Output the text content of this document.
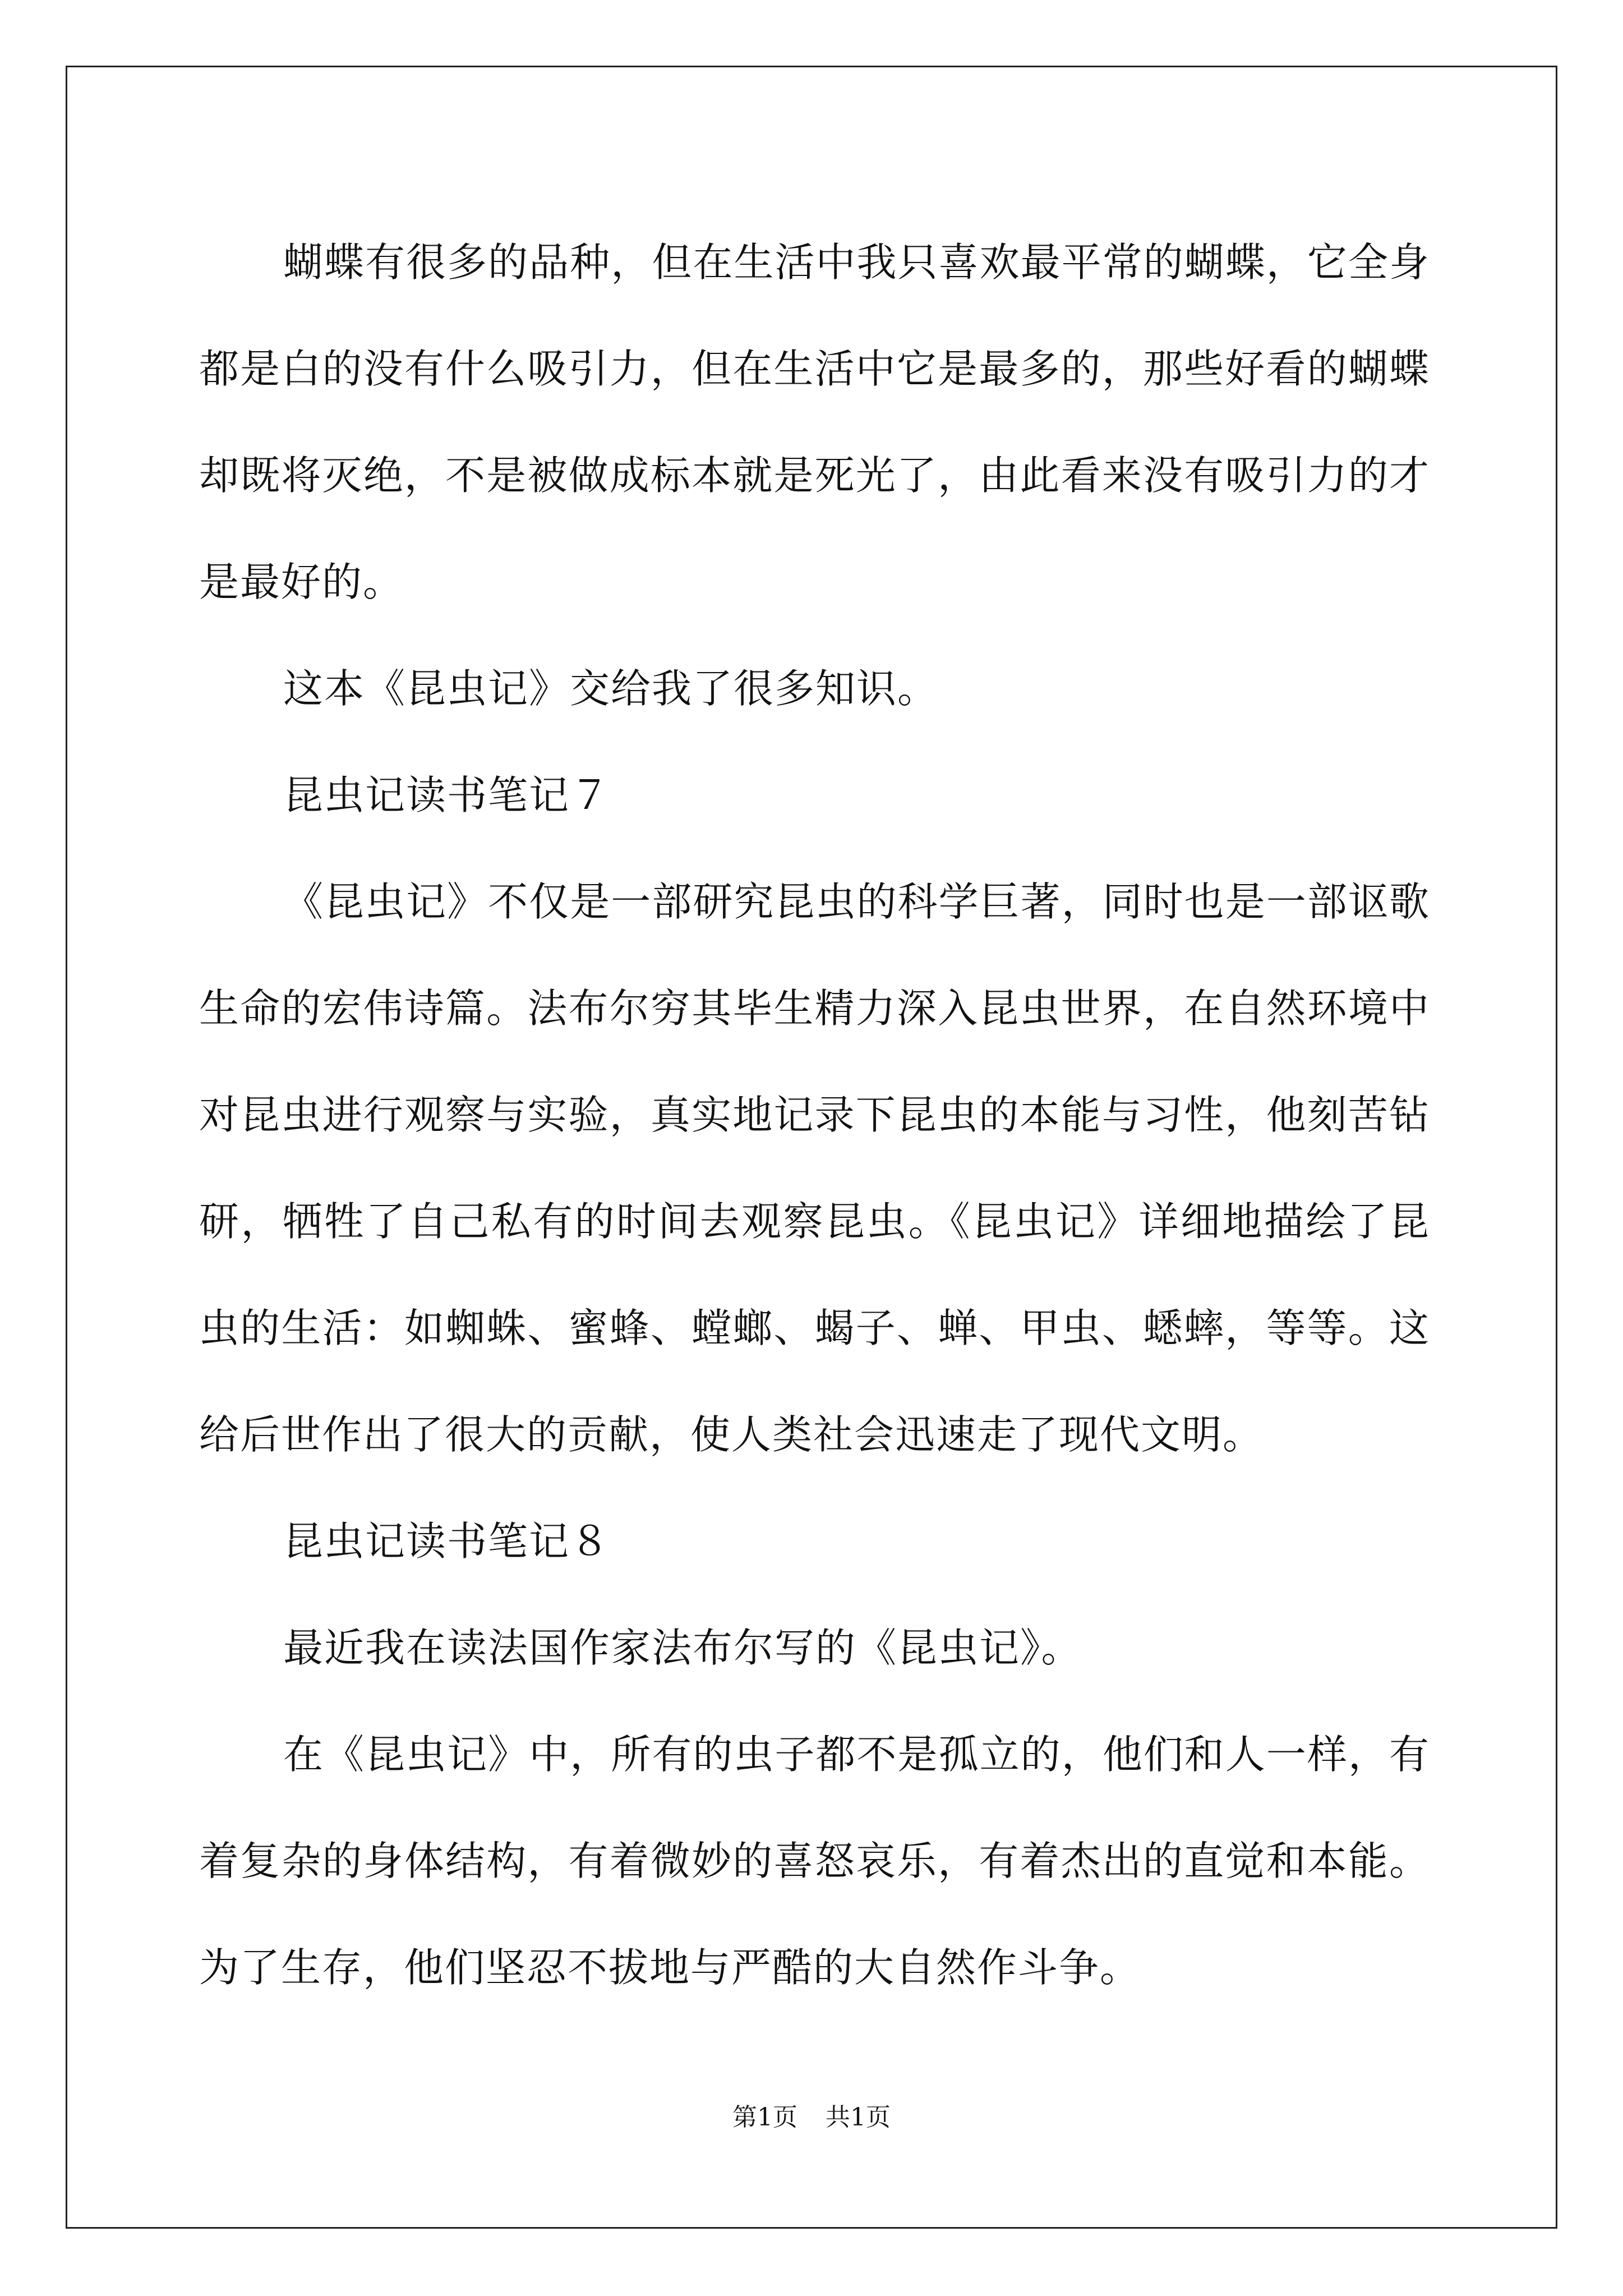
蝴蝶有很多的品种，但在生活中我只喜欢最平常的蝴蝶，它全身都是白的没有什么吸引力，但在生活中它是最多的，那些好看的蝴蝶却既将灭绝，不是被做成标本就是死光了，由此看来没有吸引力的才是最好的。

这本《昆虫记》交给我了很多知识。

昆虫记读书笔记７

《昆虫记》不仅是一部研究昆虫的科学巨著，同时也是一部讴歌生命的宏伟诗篇。法布尔穷其毕生精力深入昆虫世界，在自然环境中对昆虫进行观察与实验，真实地记录下昆虫的本能与习性，他刻苦钻研，牺牲了自己私有的时间去观察昆虫。《昆虫记》详细地描绘了昆虫的生活：如蜘蛛、蜜蜂、螳螂、蝎子、蝉、甲虫、蟋蟀，等等。这给后世作出了很大的贡献，使人类社会迅速走了现代文明。

昆虫记读书笔记８

最近我在读法国作家法布尔写的《昆虫记》。

在《昆虫记》中，所有的虫子都不是孤立的，他们和人一样，有着复杂的身体结构，有着微妙的喜怒哀乐，有着杰出的直觉和本能。为了生存，他们坚忍不拔地与严酷的大自然作斗争。

第1页 共1页
